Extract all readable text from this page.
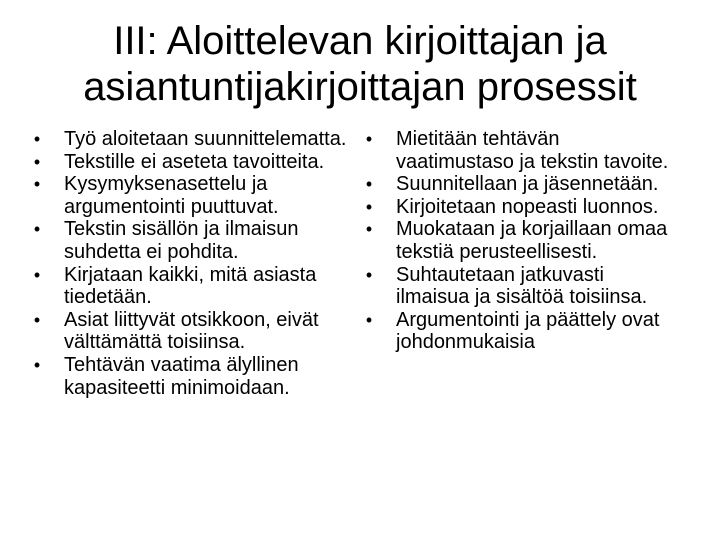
III: Aloittelevan kirjoittajan ja
asiantuntijakirjoittajan prosessit
• Työ aloitetaan suunnittelematta.
• Tekstille ei aseteta tavoitteita.
• Kysymyksenasettelu ja argumentointi puuttuvat.
• Tekstin sisällön ja ilmaisun suhdetta ei pohdita.
• Kirjataan kaikki, mitä asiasta tiedetään.
• Asiat liittyvät otsikkoon, eivät välttämättä toisiinsa.
• Tehtävän vaatima älyllinen kapasiteetti minimoidaan.
• Mietitään tehtävän vaatimustaso ja tekstin tavoite.
• Suunnitellaan ja jäsennetään.
• Kirjoitetaan nopeasti luonnos.
• Muokataan ja korjaillaan omaa tekstiä perusteellisesti.
• Suhtautetaan jatkuvasti ilmaisua ja sisältöä toisiinsa.
• Argumentointi ja päättely ovat johdonmukaisia
